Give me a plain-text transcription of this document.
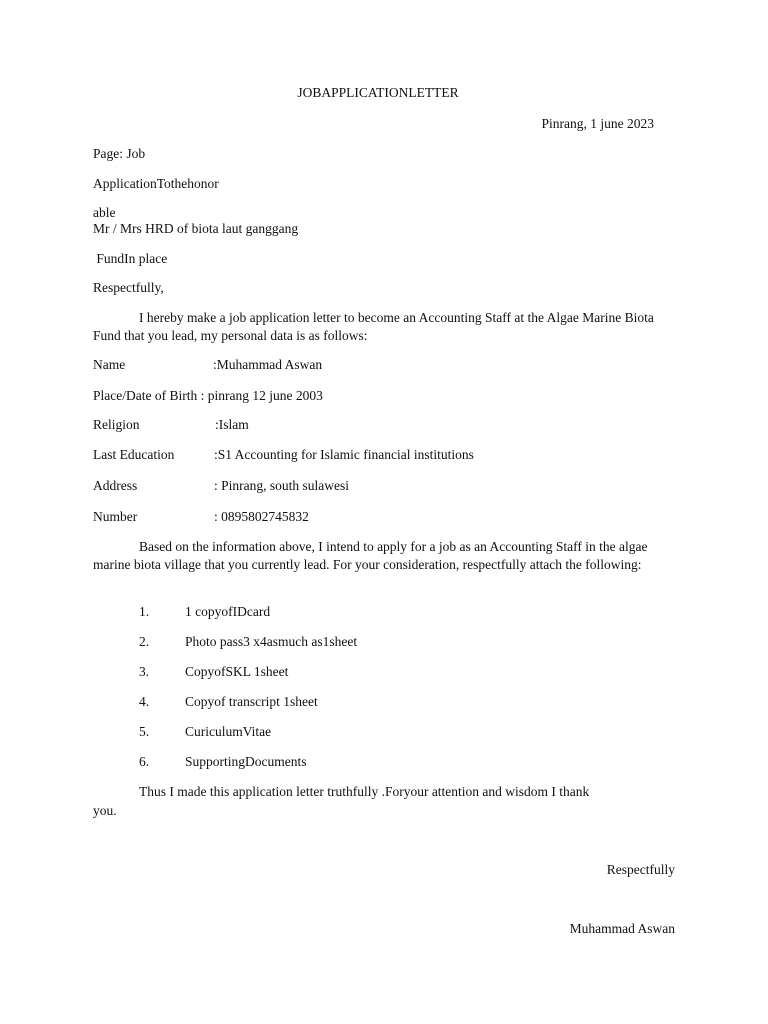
JOBAPPLICATIONLETTER
Pinrang, 1 june 2023
Page: Job
ApplicationTothehonor
able
Mr / Mrs HRD of biota laut ganggang
FundIn place
Respectfully,
I hereby make a job application letter to become an Accounting Staff at the Algae Marine Biota Fund that you lead, my personal data is as follows:
Name	:Muhammad Aswan
Place/Date of Birth : pinrang 12 june 2003
Religion	:Islam
Last Education	:S1 Accounting for Islamic financial institutions
Address	: Pinrang, south sulawesi
Number	: 0895802745832
Based on the information above, I intend to apply for a job as an Accounting Staff in the algae marine biota village that you currently lead. For your consideration, respectfully attach the following:
1.	1 copyofIDcard
2.	Photo pass3 x4asmuch as1sheet
3.	CopyofSKL 1sheet
4.	Copyof transcript 1sheet
5.	CuriculumVitae
6.	SupportingDocuments
Thus I made this application letter truthfully .Foryour attention and wisdom I thank
you.
Respectfully
Muhammad Aswan
